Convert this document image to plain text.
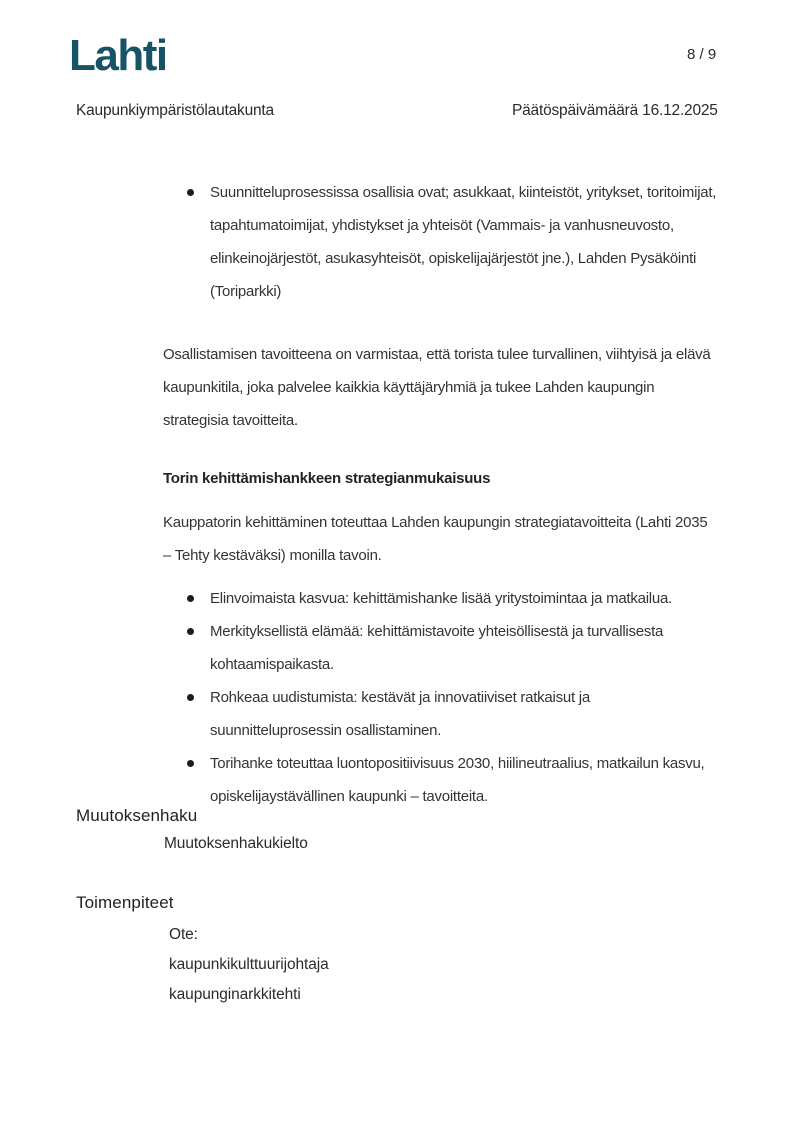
Lahti	8 / 9
Kaupunkiympäristölautakunta	Päätöspäivämäärä 16.12.2025
Suunnitteluprosessissa osallisia ovat; asukkaat, kiinteistöt, yritykset, toritoimijat, tapahtumatoimijat, yhdistykset ja yhteisöt (Vammais- ja vanhusneuvosto, elinkeinojärjestöt, asukasyhteisöt, opiskelijajärjestöt jne.), Lahden Pysäköinti (Toriparkki)
Osallistamisen tavoitteena on varmistaa, että torista tulee turvallinen, viihtyisä ja elävä kaupunkitila, joka palvelee kaikkia käyttäjäryhmiä ja tukee Lahden kaupungin strategisia tavoitteita.
Torin kehittämishankkeen strategianmukaisuus
Kauppatorin kehittäminen toteuttaa Lahden kaupungin strategiatavoitteita (Lahti 2035 – Tehty kestäväksi) monilla tavoin.
Elinvoimaista kasvua: kehittämishanke lisää yritystoimintaa ja matkailua.
Merkityksellistä elämää: kehittämistavoite yhteisöllisestä ja turvallisesta kohtaamispaikasta.
Rohkeaa uudistumista: kestävät ja innovatiiviset ratkaisut ja suunnitteluprosessin osallistaminen.
Torihanke toteuttaa luontopositiivisuus 2030, hiilineutraalius, matkailun kasvu, opiskelijaystävällinen kaupunki – tavoitteita.
Muutoksenhaku
Muutoksenhakukielto
Toimenpiteet
Ote:
kaupunkikulttuurijohtaja
kaupunginarkkitehti
